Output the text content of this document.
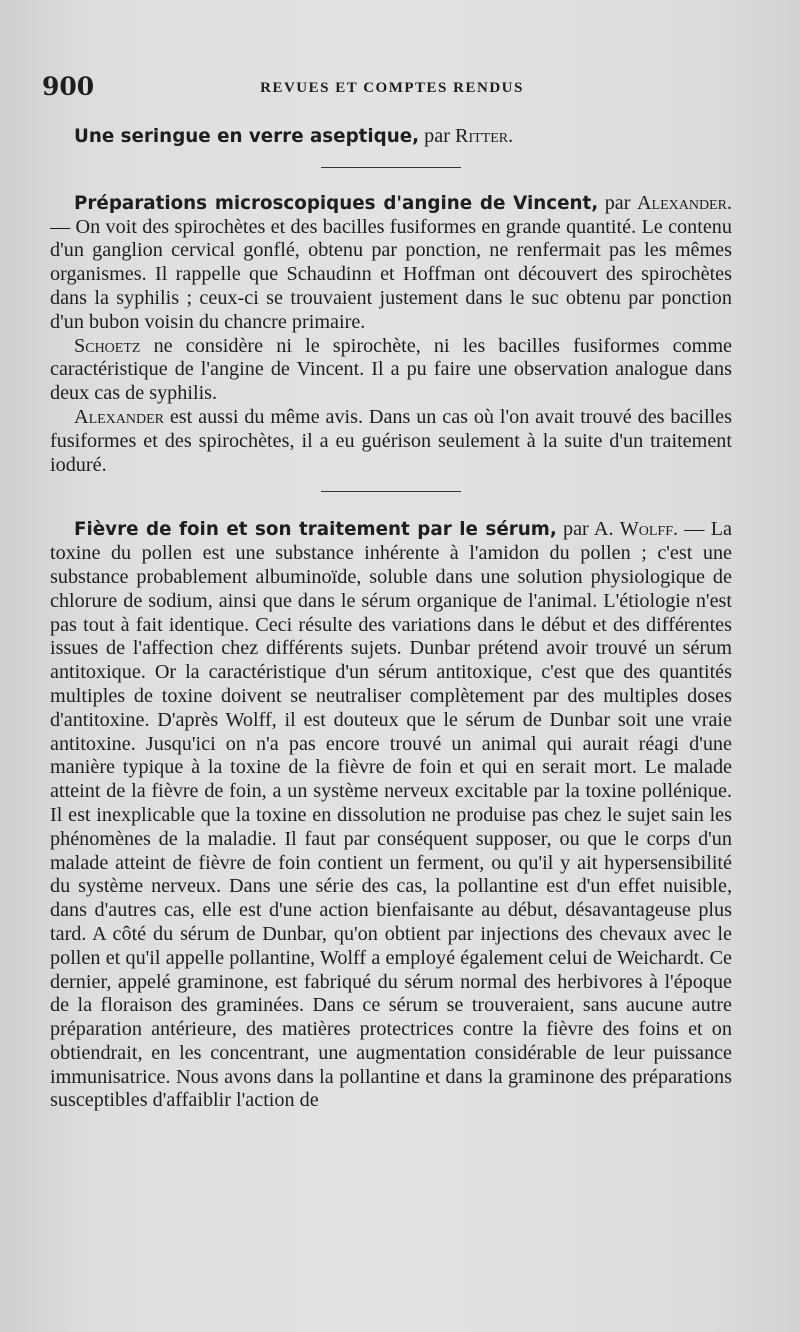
900	REVUES ET COMPTES RENDUS

Une seringue en verre aseptique, par Ritter.

Préparations microscopiques d'angine de Vincent, par Alexander. — On voit des spirochètes et des bacilles fusiformes en grande quantité. Le contenu d'un ganglion cervical gonflé, obtenu par ponction, ne renfermait pas les mêmes organismes. Il rappelle que Schaudinn et Hoffman ont découvert des spirochètes dans la syphilis ; ceux-ci se trouvaient justement dans le suc obtenu par ponction d'un bubon voisin du chancre primaire.

Schoetz ne considère ni le spirochète, ni les bacilles fusiformes comme caractéristique de l'angine de Vincent. Il a pu faire une observation analogue dans deux cas de syphilis.

Alexander est aussi du même avis. Dans un cas où l'on avait trouvé des bacilles fusiformes et des spirochètes, il a eu guérison seulement à la suite d'un traitement ioduré.

Fièvre de foin et son traitement par le sérum, par A. Wolff. — La toxine du pollen est une substance inhérente à l'amidon du pollen ; c'est une substance probablement albuminoïde, soluble dans une solution physiologique de chlorure de sodium, ainsi que dans le sérum organique de l'animal. L'étiologie n'est pas tout à fait identique. Ceci résulte des variations dans le début et des différentes issues de l'affection chez différents sujets. Dunbar prétend avoir trouvé un sérum antitoxique. Or la caractéristique d'un sérum antitoxique, c'est que des quantités multiples de toxine doivent se neutraliser complètement par des multiples doses d'antitoxine. D'après Wolff, il est douteux que le sérum de Dunbar soit une vraie antitoxine. Jusqu'ici on n'a pas encore trouvé un animal qui aurait réagi d'une manière typique à la toxine de la fièvre de foin et qui en serait mort. Le malade atteint de la fièvre de foin, a un système nerveux excitable par la toxine pollénique. Il est inexplicable que la toxine en dissolution ne produise pas chez le sujet sain les phénomènes de la maladie. Il faut par conséquent supposer, ou que le corps d'un malade atteint de fièvre de foin contient un ferment, ou qu'il y ait hypersensibilité du système nerveux. Dans une série des cas, la pollantine est d'un effet nuisible, dans d'autres cas, elle est d'une action bienfaisante au début, désavantageuse plus tard. A côté du sérum de Dunbar, qu'on obtient par injections des chevaux avec le pollen et qu'il appelle pollantine, Wolff a employé également celui de Weichardt. Ce dernier, appelé graminone, est fabriqué du sérum normal des herbivores à l'époque de la floraison des graminées. Dans ce sérum se trouveraient, sans aucune autre préparation antérieure, des matières protectrices contre la fièvre des foins et on obtiendrait, en les concentrant, une augmentation considérable de leur puissance immunisatrice. Nous avons dans la pollantine et dans la graminone des préparations susceptibles d'affaiblir l'action de
